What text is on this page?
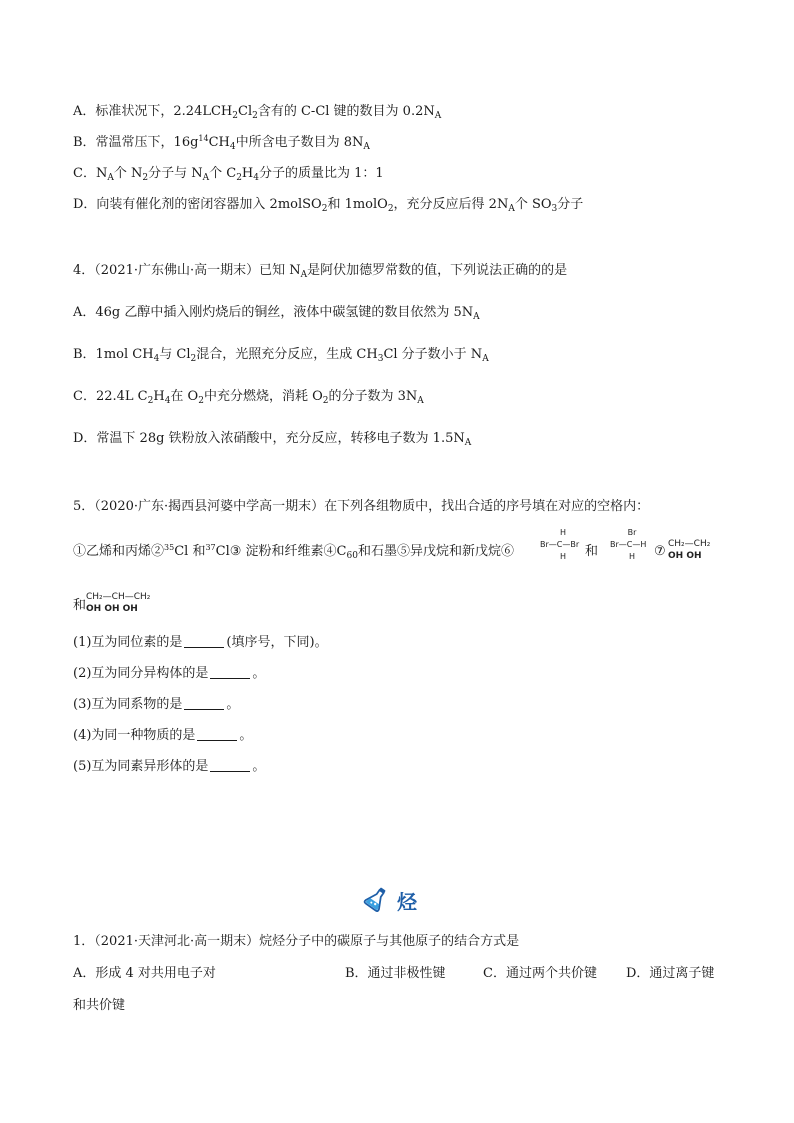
A．标准状况下，$2.24LCH_2Cl_2$含有的 C-Cl 键的数目为 $0.2N_A$
B．常温常压下，$16g^{14}CH_4$中所含电子数目为 $8N_A$
C．$N_A$个 $N_2$分子与 $N_A$个 $C_2H_4$分子的质量比为 1：1
D．向装有催化剂的密闭容器加入 2molSO$_2$和 1molO$_2$，充分反应后得 $2N_A$个 $SO_3$分子
4．（2021·广东佛山·高一期末）已知 $N_A$是阿伏加德罗常数的值，下列说法正确的的是
A．46g 乙醇中插入刚灼烧后的铜丝，液体中碳氢键的数目依然为 $5N_A$
B．1mol $CH_4$与 $Cl_2$混合，光照充分反应，生成 $CH_3Cl$ 分子数小于 $N_A$
C．22.4L $C_2H_4$在 $O_2$中充分燃烧，消耗 $O_2$的分子数为 $3N_A$
D．常温下 28g 铁粉放入浓硝酸中，充分反应，转移电子数为 $1.5N_A$
5．（2020·广东·揭西县河婆中学高一期末）在下列各组物质中，找出合适的序号填在对应的空格内：
①乙烯和丙烯②$^{35}$Cl 和$^{37}$Cl③ 淀粉和纤维素$④C_{60}$和石墨⑤异戊烷和新戊烷⑥
H
Br—C—Br
H	和
Br
Br—C—H
H	⑦ CH₂—CH₂
OH OH
和
CH₂—CH—CH₂
OH OH OH
(1)互为同位素的是	(填序号，下同)。
(2)互为同分异构体的是	。
(3)互为同系物的是	。
(4)为同一种物质的是	。
(5)互为同素异形体的是	。
烃
1．（2021·天津河北·高一期末）烷烃分子中的碳原子与其他原子的结合方式是
A．形成 4 对共用电子对	B．通过非极性键	C．通过两个共价键 D．通过离子键
和共价键
